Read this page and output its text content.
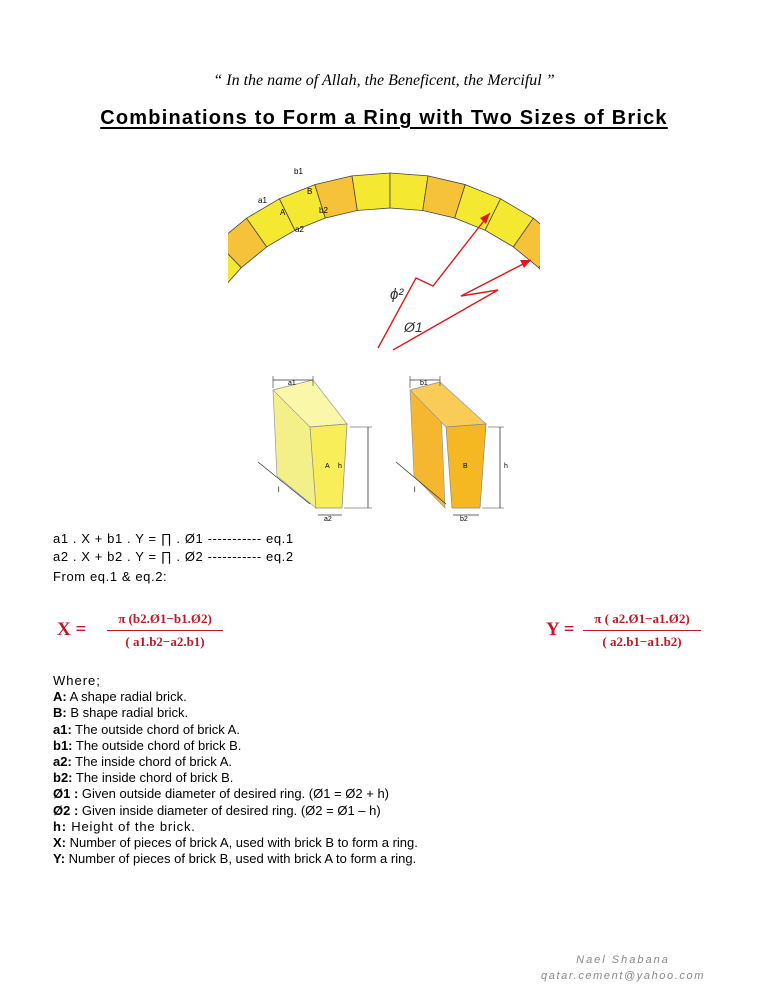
“ In the name of Allah, the Beneficent, the Merciful ”
Combinations to Form a Ring with Two Sizes of Brick
b1
B
a1
A	b2
a2
ϕ²
Ø1
a1
A h
l
a2
b1
B	h
l
b2
a1 . X + b1 . Y = ∏ . Ø1 ----------- eq.1
a2 . X + b2 . Y = ∏ . Ø2 ----------- eq.2
From eq.1 & eq.2:
$X = \frac{\pi (b2.Ø1-b1.Ø2)}{( a1.b2-a2.b1)}$	$Y = \frac{\pi ( a2.Ø1-a1.Ø2)}{( a2.b1-a1.b2)}$
Where;
A: A shape radial brick.
B: B shape radial brick.
a1: The outside chord of brick A.
b1: The outside chord of brick B.
a2: The inside chord of brick A.
b2: The inside chord of brick B.
Ø1 : Given outside diameter of desired ring. (Ø1 = Ø2 + h)
Ø2 : Given inside diameter of desired ring. (Ø2 = Ø1 – h)
h: Height of the brick.
X: Number of pieces of brick A, used with brick B to form a ring.
Y: Number of pieces of brick B, used with brick A to form a ring.
Nael Shabana
qatar.cement@yahoo.com
